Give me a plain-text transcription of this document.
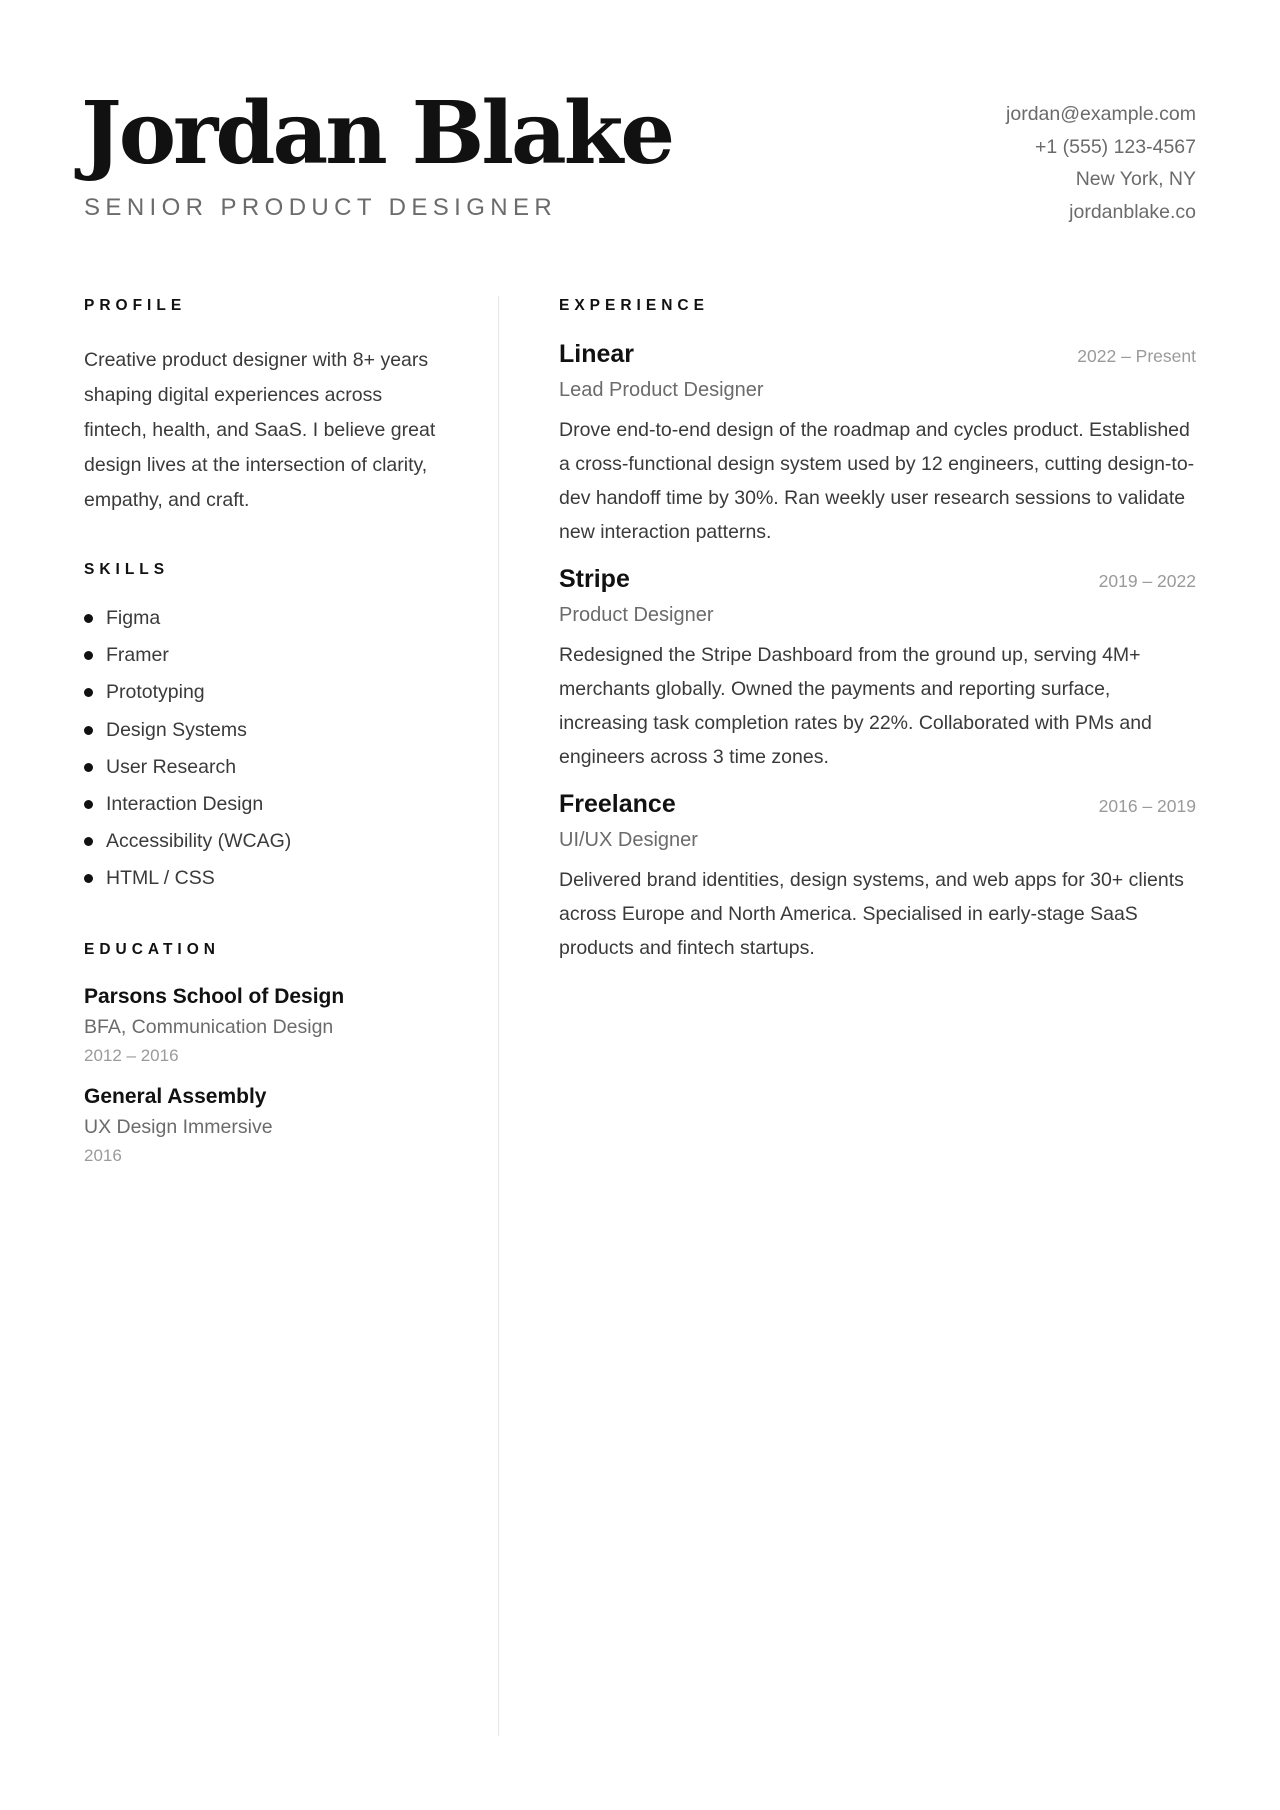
Jordan Blake
SENIOR PRODUCT DESIGNER
jordan@example.com
+1 (555) 123-4567
New York, NY
jordanblake.co
PROFILE

Creative product designer with 8+ years shaping digital experiences across fintech, health, and SaaS. I believe great design lives at the intersection of clarity, empathy, and craft.

SKILLS
Figma
Framer
Prototyping
Design Systems
User Research
Interaction Design
Accessibility (WCAG)
HTML / CSS
EDUCATION
Parsons School of Design
BFA, Communication Design
2012 – 2016
General Assembly
UX Design Immersive
2016
EXPERIENCE
Linear	2022 – Present
Lead Product Designer

Drove end-to-end design of the roadmap and cycles product. Established a cross-functional design system used by 12 engineers, cutting design-to-dev handoff time by 30%. Ran weekly user research sessions to validate new interaction patterns.

Stripe	2019 – 2022
Product Designer

Redesigned the Stripe Dashboard from the ground up, serving 4M+ merchants globally. Owned the payments and reporting surface, increasing task completion rates by 22%. Collaborated with PMs and engineers across 3 time zones.

Freelance	2016 – 2019
UI/UX Designer

Delivered brand identities, design systems, and web apps for 30+ clients across Europe and North America. Specialised in early-stage SaaS products and fintech startups.
